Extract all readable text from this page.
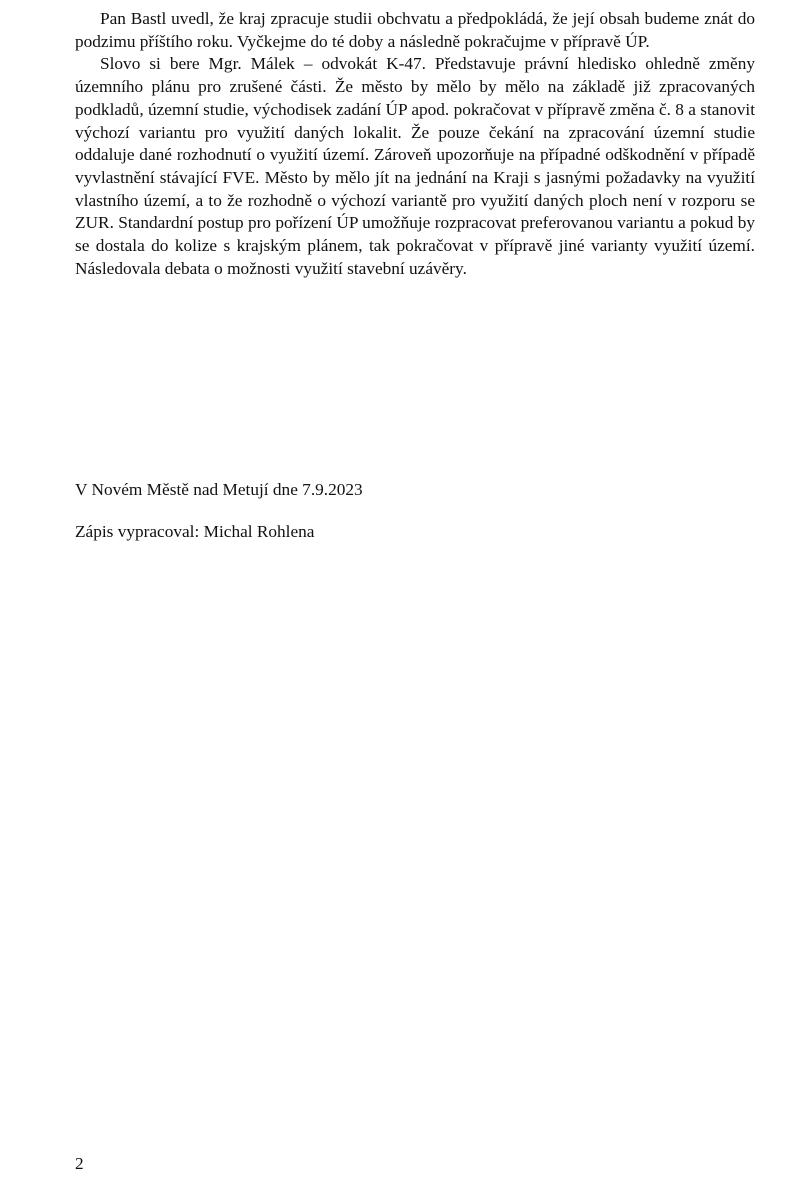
Pan Bastl uvedl, že kraj zpracuje studii obchvatu a předpokládá, že její obsah budeme znát do podzimu příštího roku. Vyčkejme do té doby a následně pokračujme v přípravě ÚP.

Slovo si bere Mgr. Málek – odvokát K-47. Představuje právní hledisko ohledně změny územního plánu pro zrušené části. Že město by mělo by mělo na základě již zpracovaných podkladů, územní studie, východisek zadání ÚP apod. pokračovat v přípravě změna č. 8 a stanovit výchozí variantu pro využití daných lokalit. Že pouze čekání na zpracování územní studie oddaluje dané rozhodnutí o využití území. Zároveň upozorňuje na případné odškodnění v případě vyvlastnění stávající FVE. Město by mělo jít na jednání na Kraji s jasnými požadavky na využití vlastního území, a to že rozhodně o výchozí variantě pro využití daných ploch není v rozporu se ZUR. Standardní postup pro pořízení ÚP umožňuje rozpracovat preferovanou variantu a pokud by se dostala do kolize s krajským plánem, tak pokračovat v přípravě jiné varianty využití území. Následovala debata o možnosti využití stavební uzávěry.

V Novém Městě nad Metují dne 7.9.2023

Zápis vypracoval: Michal Rohlena

2
